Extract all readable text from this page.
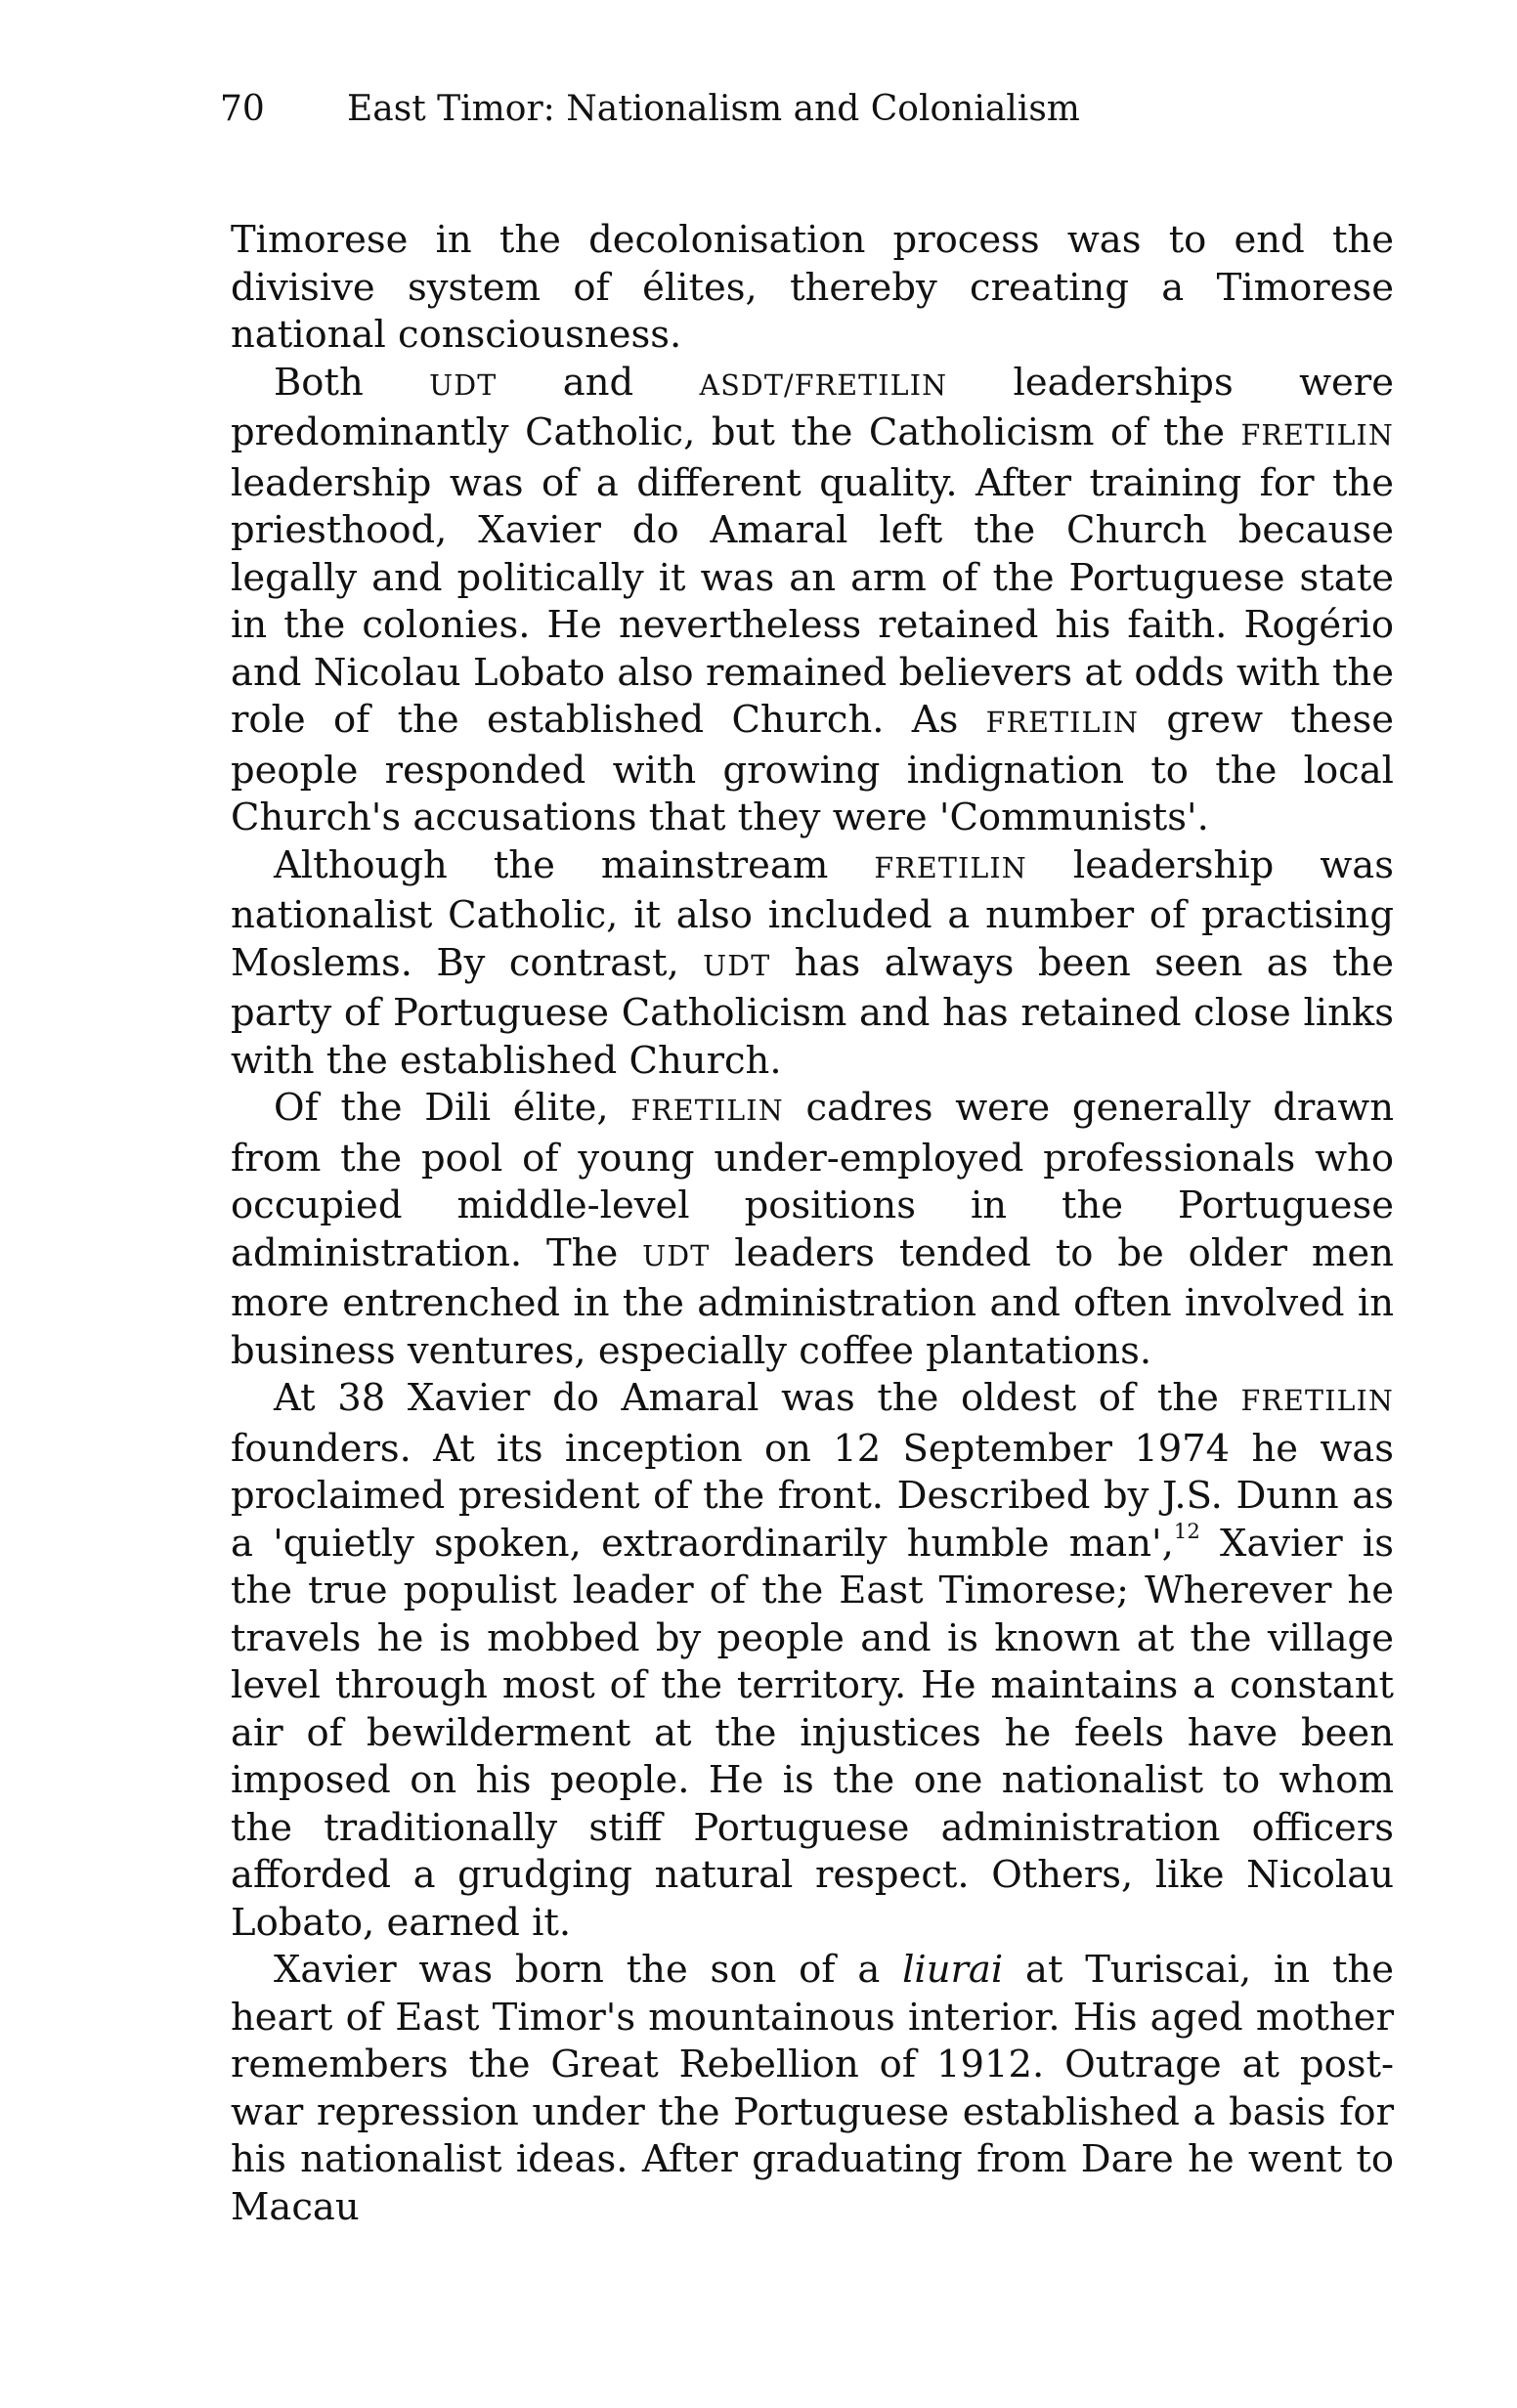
70 East Timor: Nationalism and Colonialism

Timorese in the decolonisation process was to end the divisive system of élites, thereby creating a Timorese national consciousness.

Both UDT and ASDT/FRETILIN leaderships were predominantly Catholic, but the Catholicism of the FRETILIN leadership was of a different quality. After training for the priesthood, Xavier do Amaral left the Church because legally and politically it was an arm of the Portuguese state in the colonies. He nevertheless retained his faith. Rogério and Nicolau Lobato also remained believers at odds with the role of the established Church. As FRETILIN grew these people responded with growing indignation to the local Church's accusations that they were 'Communists'.

Although the mainstream FRETILIN leadership was nationalist Catholic, it also included a number of practising Moslems. By contrast, UDT has always been seen as the party of Portuguese Catholicism and has retained close links with the established Church.

Of the Dili élite, FRETILIN cadres were generally drawn from the pool of young under-employed professionals who occupied middle-level positions in the Portuguese administration. The UDT leaders tended to be older men more entrenched in the administration and often involved in business ventures, especially coffee plantations.

At 38 Xavier do Amaral was the oldest of the FRETILIN founders. At its inception on 12 September 1974 he was proclaimed president of the front. Described by J.S. Dunn as a 'quietly spoken, extraordinarily humble man',$^{12}$ Xavier is the true populist leader of the East Timorese; Wherever he travels he is mobbed by people and is known at the village level through most of the territory. He maintains a constant air of bewilderment at the injustices he feels have been imposed on his people. He is the one nationalist to whom the traditionally stiff Portuguese administration officers afforded a grudging natural respect. Others, like Nicolau Lobato, earned it.

Xavier was born the son of a liurai at Turiscai, in the heart of East Timor's mountainous interior. His aged mother remembers the Great Rebellion of 1912. Outrage at post-war repression under the Portuguese established a basis for his nationalist ideas. After graduating from Dare he went to Macau
